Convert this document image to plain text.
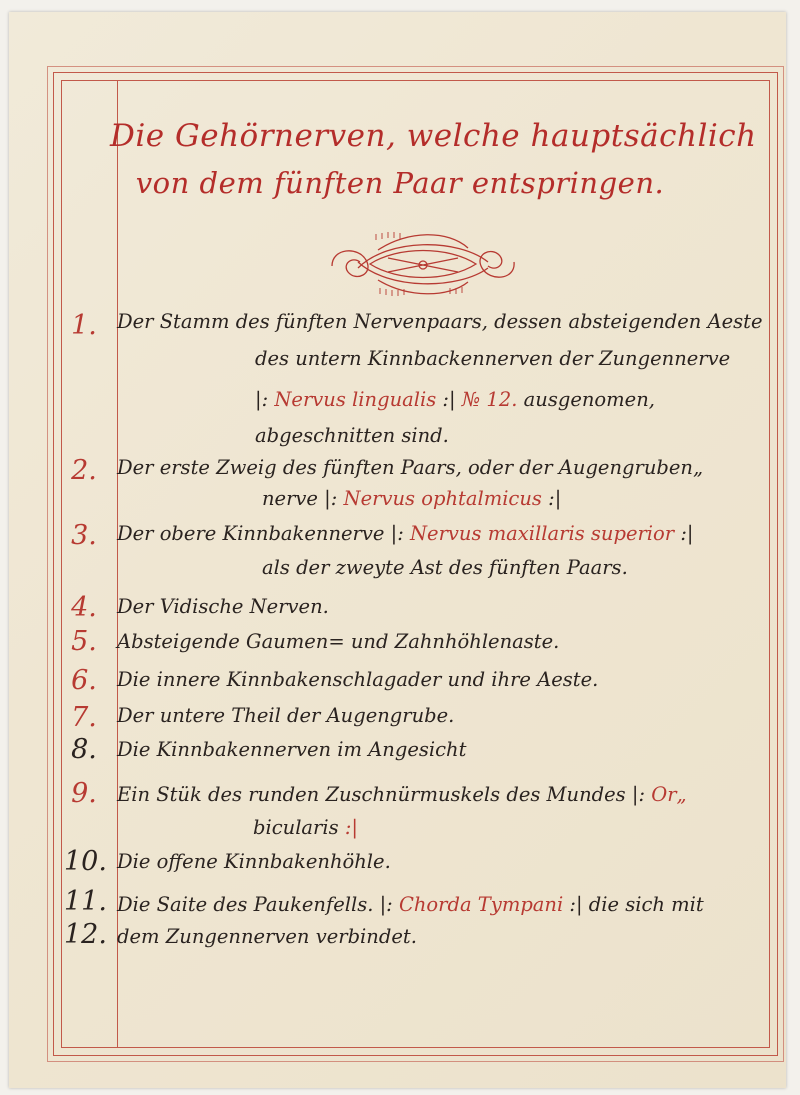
Die Gehörnerven, welche hauptsächlich
von dem fünften Paar entspringen.
1.	Der Stamm des fünften Nervenpaars, dessen absteigenden Aeste
des untern Kinnbackennerven der Zungennerve
|: Nervus lingualis :| № 12. ausgenomen,
abgeschnitten sind.
2.	Der erste Zweig des fünften Paars, oder der Augengruben„
nerve |: Nervus ophtalmicus :|
3.	Der obere Kinnbakennerve |: Nervus maxillaris superior :|
als der zweyte Ast des fünften Paars.
4.	Der Vidische Nerven.
5.	Absteigende Gaumen= und Zahnhöhlenaste.
6.	Die innere Kinnbakenschlagader und ihre Aeste.
7.	Der untere Theil der Augengrube.
8.	Die Kinnbakennerven im Angesicht
9.	Ein Stük des runden Zuschnürmuskels des Mundes |: Or„
bicularis :|
10. Die offene Kinnbakenhöhle.
11. Die Saite des Paukenfells. |: Chorda Tympani :| die sich mit
12. dem Zungennerven verbindet.
